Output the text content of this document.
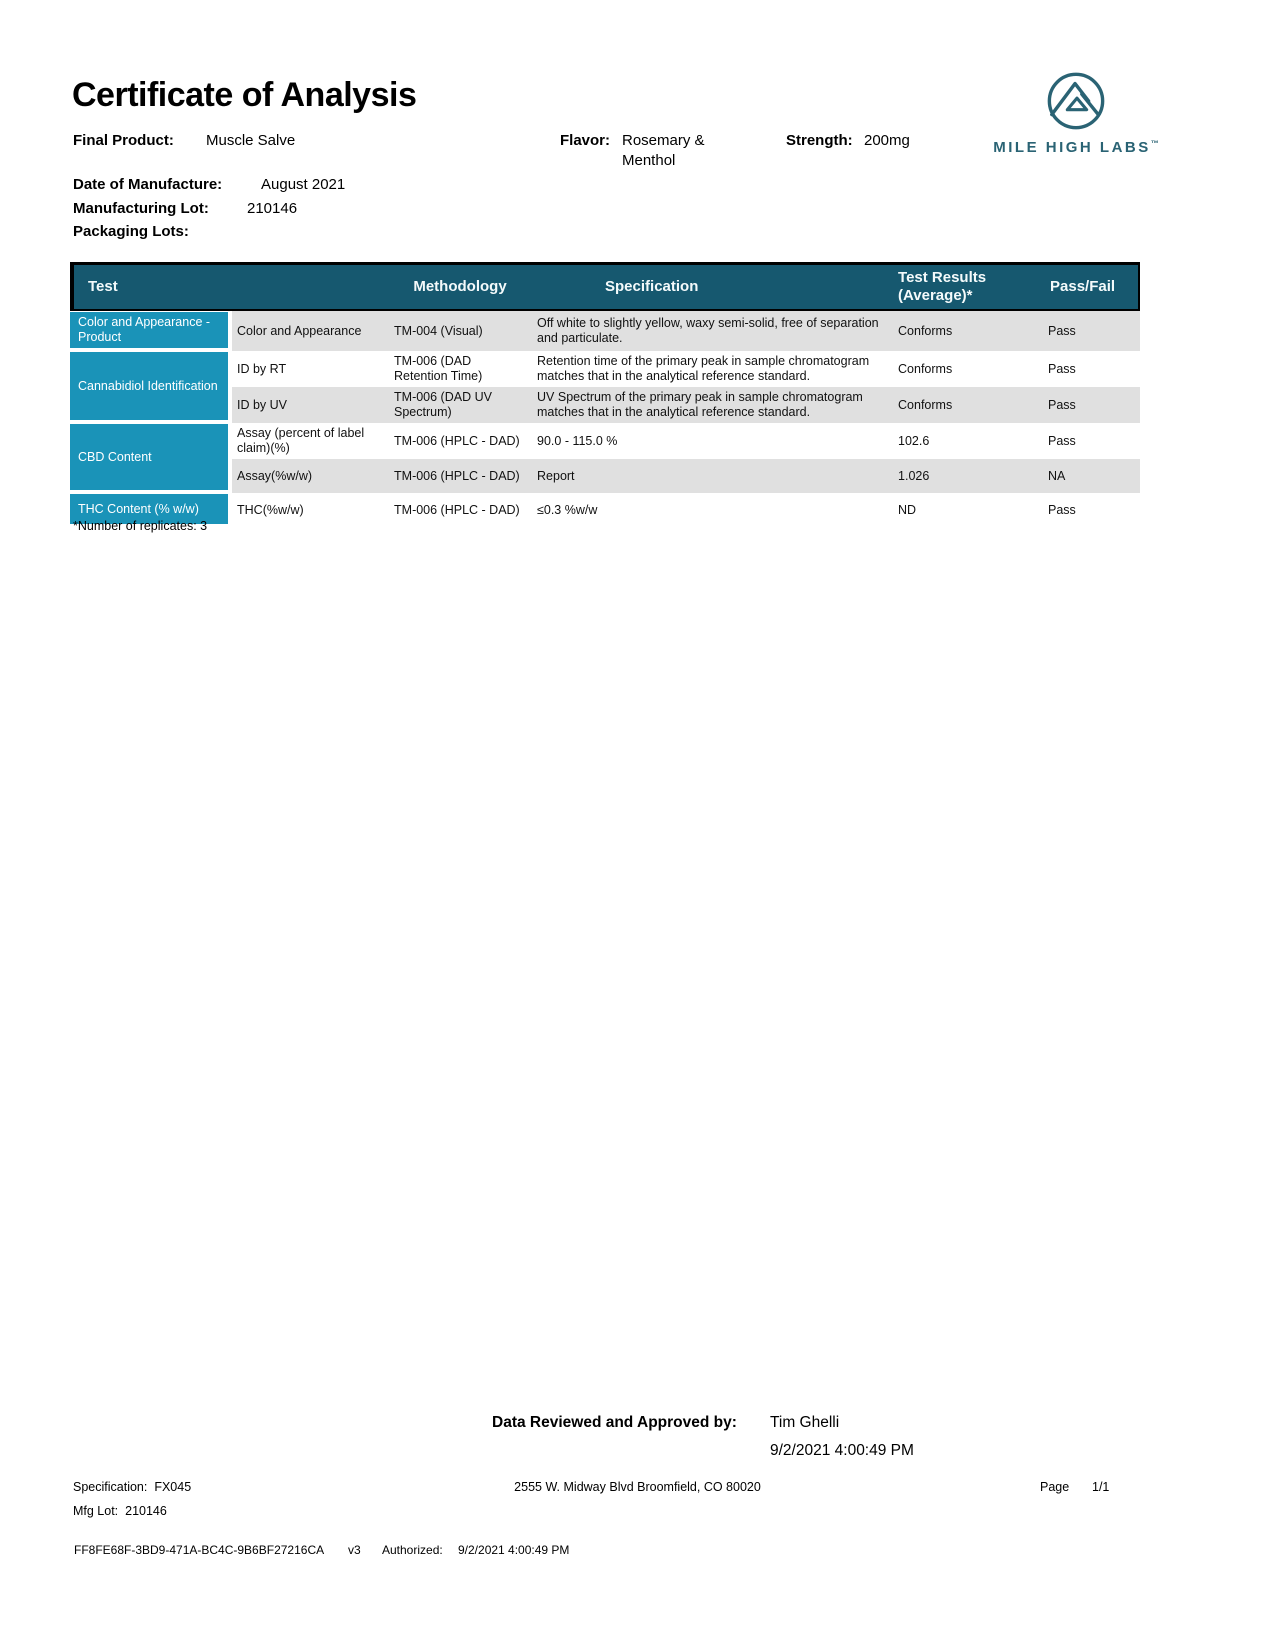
Certificate of Analysis
Final Product: Muscle Salve	Flavor: Rosemary & Menthol
Strength: 200mg
Date of Manufacture:	August 2021
Manufacturing Lot:	210146
Packaging Lots:
MILE HIGH LABS™
Test		Methodology	Specification	Test Results (Average)*	Pass/Fail
Color and Appearance - Product	Color and Appearance	TM-004 (Visual)	Off white to slightly yellow, waxy semi-solid, free of separation and particulate.	Conforms	Pass
Cannabidiol Identification	ID by RT	TM-006 (DAD Retention Time)	Retention time of the primary peak in sample chromatogram matches that in the analytical reference standard.	Conforms	Pass
	ID by UV	TM-006 (DAD UV Spectrum)	UV Spectrum of the primary peak in sample chromatogram matches that in the analytical reference standard.	Conforms	Pass
CBD Content	Assay (percent of label claim)(%)	TM-006 (HPLC - DAD)	90.0 - 115.0 %	102.6	Pass
	Assay(%w/w)	TM-006 (HPLC - DAD)	Report	1.026	NA
THC Content (% w/w)	THC(%w/w)	TM-006 (HPLC - DAD)	≤0.3 %w/w	ND	Pass
*Number of replicates: 3
Data Reviewed and Approved by: Tim Ghelli
9/2/2021 4:00:49 PM
Specification: FX045	2555 W. Midway Blvd Broomfield, CO 80020	Page 1/1
Mfg Lot: 210146
FF8FE68F-3BD9-471A-BC4C-9B6BF27216CA v3 Authorized: 9/2/2021 4:00:49 PM
